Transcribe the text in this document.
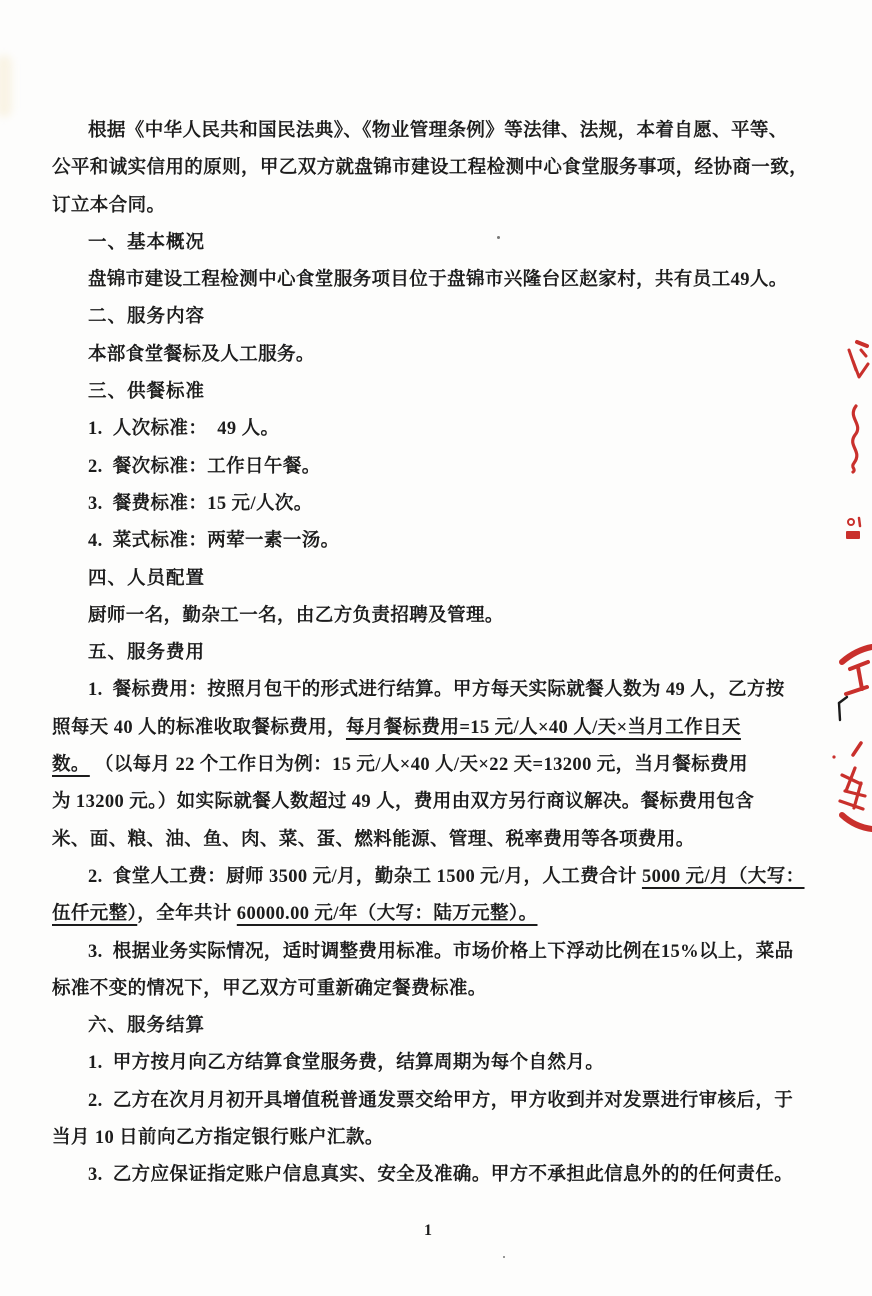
根据《中华人民共和国民法典》、《物业管理条例》等法律、法规，本着自愿、平等、
公平和诚实信用的原则，甲乙双方就盘锦市建设工程检测中心食堂服务事项，经协商一致，
订立本合同。
一、基本概况
盘锦市建设工程检测中心食堂服务项目位于盘锦市兴隆台区赵家村，共有员工49人。
二、服务内容
本部食堂餐标及人工服务。
三、供餐标准
1.  人次标准：  49 人。
2.  餐次标准：工作日午餐。
3.  餐费标准：15 元/人次。
4.  菜式标准：两荤一素一汤。
四、人员配置
厨师一名，勤杂工一名，由乙方负责招聘及管理。
五、服务费用
1.  餐标费用：按照月包干的形式进行结算。甲方每天实际就餐人数为 49 人，乙方按
照每天 40 人的标准收取餐标费用，每月餐标费用=15 元/人×40 人/天×当月工作日天
数。 （以每月 22 个工作日为例：15 元/人×40 人/天×22 天=13200 元，当月餐标费用
为 13200 元。）如实际就餐人数超过 49 人，费用由双方另行商议解决。餐标费用包含
米、面、粮、油、鱼、肉、菜、蛋、燃料能源、管理、税率费用等各项费用。
2.  食堂人工费：厨师 3500 元/月，勤杂工 1500 元/月，人工费合计 5000 元/月（大写：
伍仟元整），全年共计 60000.00 元/年（大写：陆万元整）。
3.  根据业务实际情况，适时调整费用标准。市场价格上下浮动比例在15%以上，菜品
标准不变的情况下，甲乙双方可重新确定餐费标准。
六、服务结算
1.  甲方按月向乙方结算食堂服务费，结算周期为每个自然月。
2.  乙方在次月月初开具增值税普通发票交给甲方，甲方收到并对发票进行审核后，于
当月 10 日前向乙方指定银行账户汇款。
3.  乙方应保证指定账户信息真实、安全及准确。甲方不承担此信息外的的任何责任。
1
